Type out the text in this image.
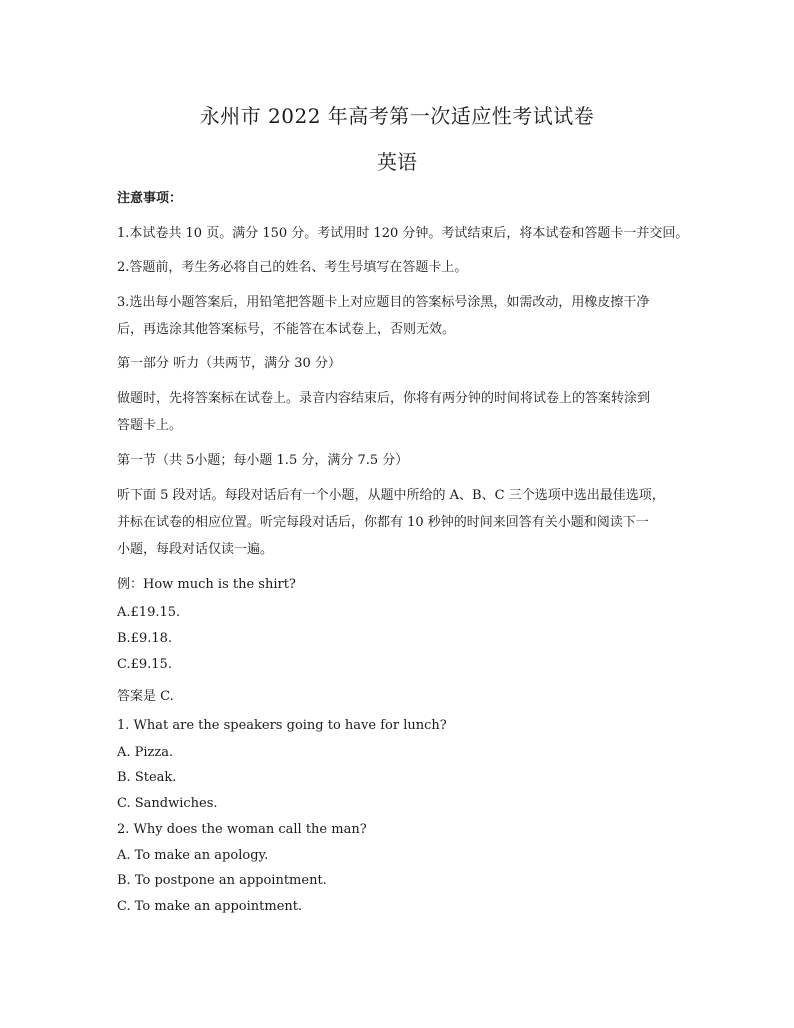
永州市 2022 年高考第一次适应性考试试卷
英语
注意事项：
1.本试卷共 10 页。满分 150 分。考试用时 120 分钟。考试结束后，将本试卷和答题卡一并交回。
2.答题前，考生务必将自己的姓名、考生号填写在答题卡上。
3.选出每小题答案后，用铅笔把答题卡上对应题目的答案标号涂黑，如需改动，用橡皮擦干净
后，再选涂其他答案标号，不能答在本试卷上，否则无效。
第一部分 听力（共两节，满分 30 分）
做题时，先将答案标在试卷上。录音内容结束后，你将有两分钟的时间将试卷上的答案转涂到
答题卡上。
第一节（共 5小题；每小题 1.5 分，满分 7.5 分）
听下面 5 段对话。每段对话后有一个小题，从题中所给的 A、B、C 三个选项中选出最佳选项，
并标在试卷的相应位置。听完每段对话后，你都有 10 秒钟的时间来回答有关小题和阅读下一
小题，每段对话仅读一遍。
例：How much is the shirt?
A.£19.15.
B.£9.18.
C.£9.15.
答案是 C.
1. What are the speakers going to have for lunch?
A. Pizza.
B. Steak.
C. Sandwiches.
2. Why does the woman call the man?
A. To make an apology.
B. To postpone an appointment.
C. To make an appointment.
